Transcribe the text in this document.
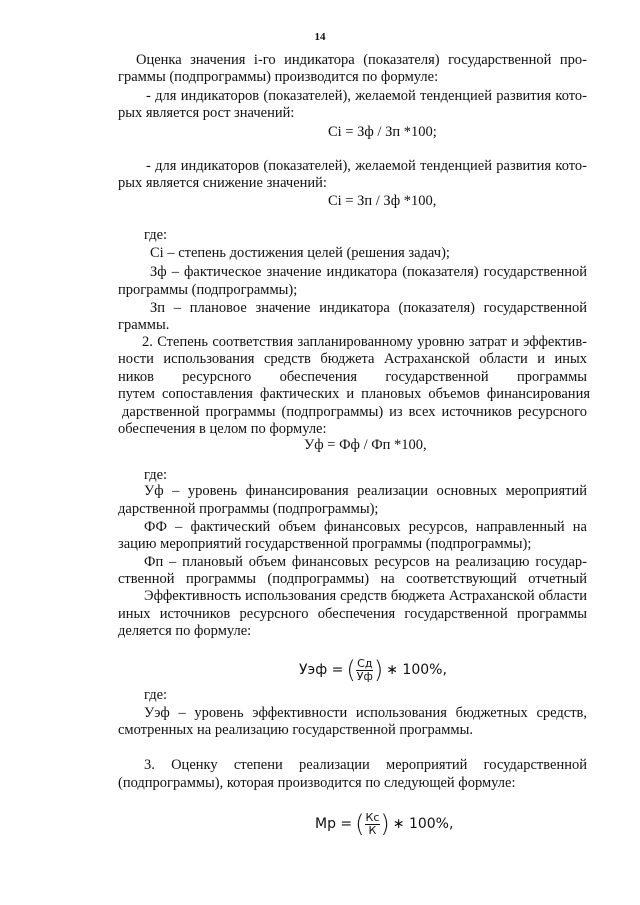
14
Оценка значения i-го индикатора (показателя) государственной про-
граммы (подпрограммы) производится по формуле:
- для индикаторов (показателей), желаемой тенденцией развития кото-
рых является рост значений:
Сi = Зф / Зп *100;
- для индикаторов (показателей), желаемой тенденцией развития кото-
рых является снижение значений:
Сi = Зп / Зф *100,
где:
Сi – степень достижения целей (решения задач);
Зф – фактическое значение индикатора (показателя) государственной
программы (подпрограммы);
Зп – плановое значение индикатора (показателя) государственной
граммы.
2. Степень соответствия запланированному уровню затрат и эффектив-
ности использования средств бюджета Астраханской области и иных
ников ресурсного обеспечения государственной программы
путем сопоставления фактических и плановых объемов финансирования
дарственной программы (подпрограммы) из всех источников ресурсного
обеспечения в целом по формуле:
Уф = Фф / Фп *100,
где:
Уф – уровень финансирования реализации основных мероприятий
дарственной программы (подпрограммы);
ФФ – фактический объем финансовых ресурсов, направленный на
зацию мероприятий государственной программы (подпрограммы);
Фп – плановый объем финансовых ресурсов на реализацию государ-
ственной программы (подпрограммы) на соответствующий отчетный
Эффективность использования средств бюджета Астраханской области
иных источников ресурсного обеспечения государственной программы
деляется по формуле:
Уэф = ( $\frac{Сд}{Уф}$ ) ∗ 100%,
где:
Уэф – уровень эффективности использования бюджетных средств,
смотренных на реализацию государственной программы.
3. Оценку степени реализации мероприятий государственной
(подпрограммы), которая производится по следующей формуле:
Мр = ( $\frac{Кс}{К}$ ) ∗ 100%,
